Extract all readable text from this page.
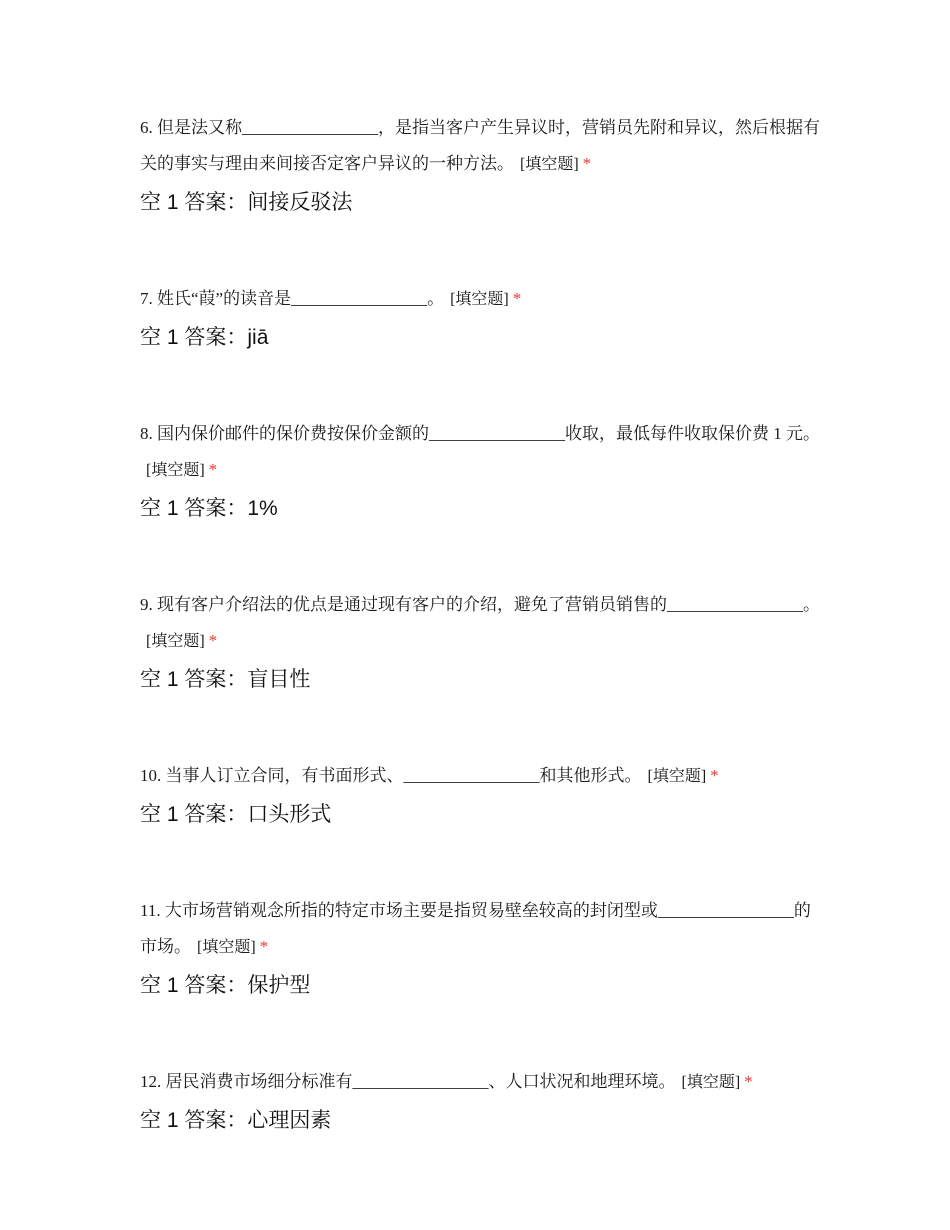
6. 但是法又称________________，是指当客户产生异议时，营销员先附和异议，然后根据有关的事实与理由来间接否定客户异议的一种方法。 [填空题] *

空 1 答案：间接反驳法

7. 姓氏“葭”的读音是________________。 [填空题] *

空 1 答案：jiā

8. 国内保价邮件的保价费按保价金额的________________收取，最低每件收取保价费 1 元。[填空题] *

空 1 答案：1%

9. 现有客户介绍法的优点是通过现有客户的介绍，避免了营销员销售的________________。[填空题] *

空 1 答案：盲目性

10. 当事人订立合同，有书面形式、________________和其他形式。 [填空题] *

空 1 答案：口头形式

11. 大市场营销观念所指的特定市场主要是指贸易壁垒较高的封闭型或________________的市场。 [填空题] *

空 1 答案：保护型

12. 居民消费市场细分标准有________________、人口状况和地理环境。 [填空题] *

空 1 答案：心理因素
